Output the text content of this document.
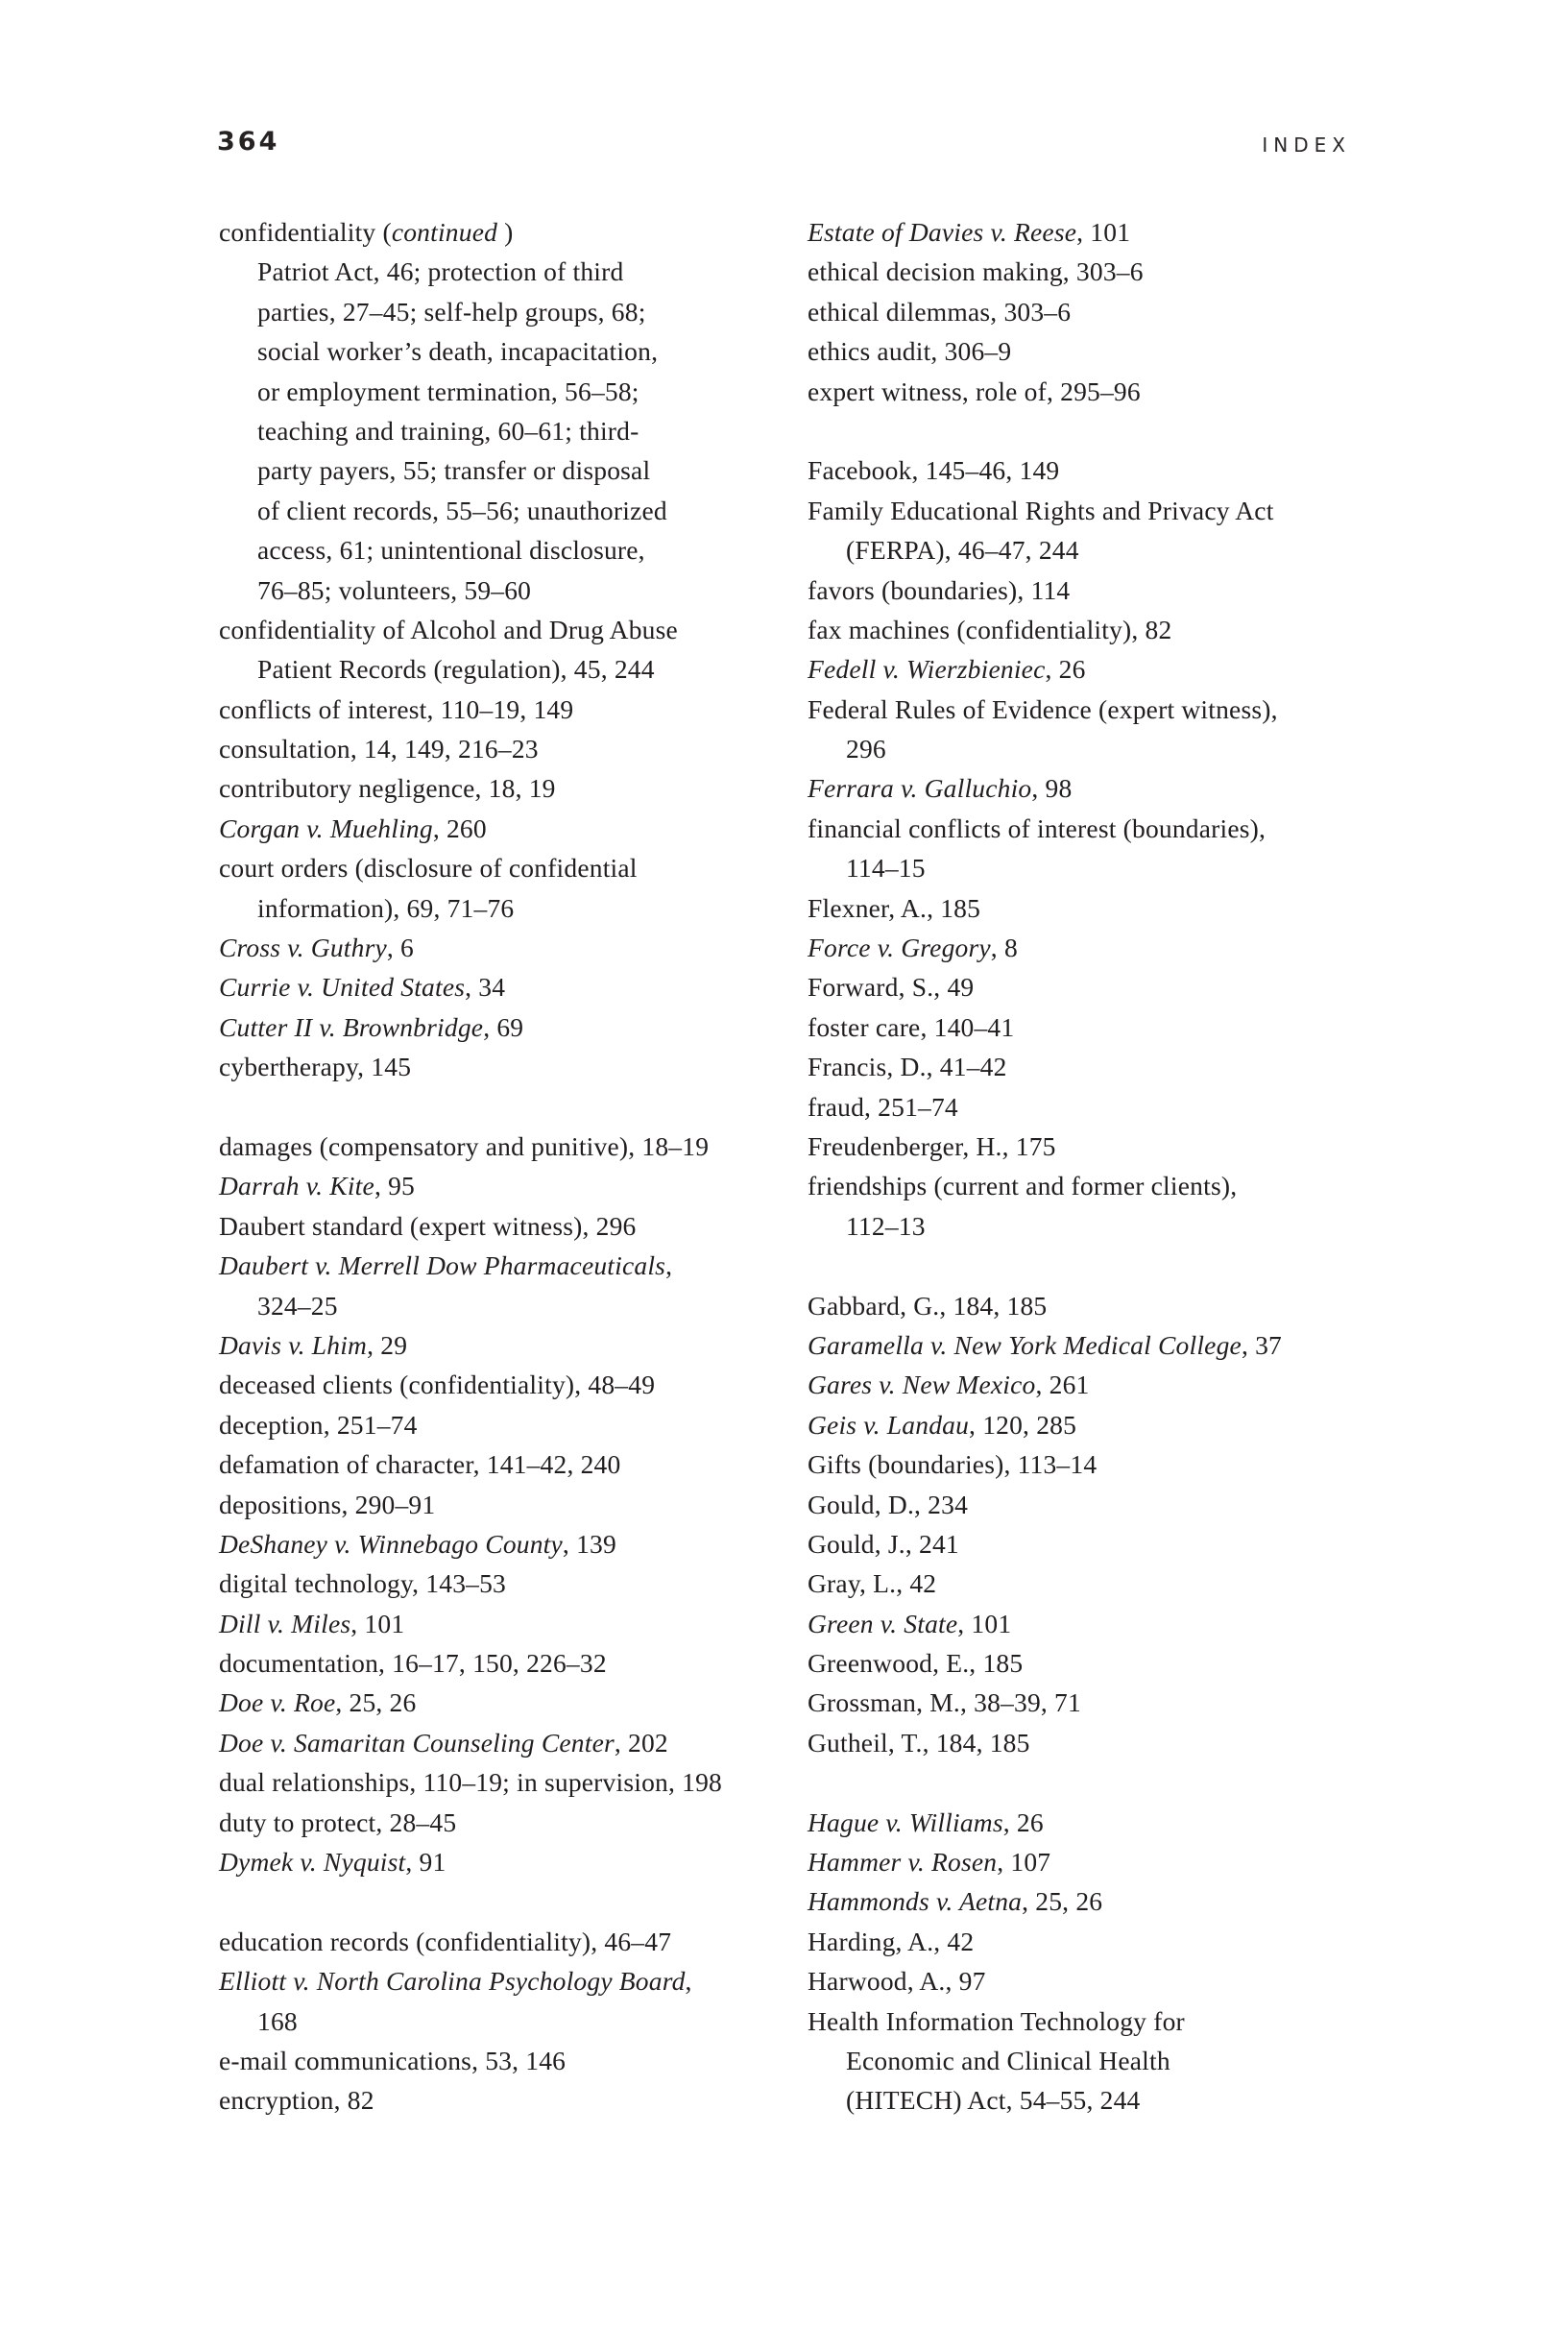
364	INDEX
confidentiality (continued )
Patriot Act, 46; protection of third
parties, 27–45; self-help groups, 68;
social worker’s death, incapacitation,
or employment termination, 56–58;
teaching and training, 60–61; third-
party payers, 55; transfer or disposal
of client records, 55–56; unauthorized
access, 61; unintentional disclosure,
76–85; volunteers, 59–60
confidentiality of Alcohol and Drug Abuse
Patient Records (regulation), 45, 244
conflicts of interest, 110–19, 149
consultation, 14, 149, 216–23
contributory negligence, 18, 19
Corgan v. Muehling, 260
court orders (disclosure of confidential
information), 69, 71–76
Cross v. Guthry, 6
Currie v. United States, 34
Cutter II v. Brownbridge, 69
cybertherapy, 145
damages (compensatory and punitive), 18–19
Darrah v. Kite, 95
Daubert standard (expert witness), 296
Daubert v. Merrell Dow Pharmaceuticals,
324–25
Davis v. Lhim, 29
deceased clients (confidentiality), 48–49
deception, 251–74
defamation of character, 141–42, 240
depositions, 290–91
DeShaney v. Winnebago County, 139
digital technology, 143–53
Dill v. Miles, 101
documentation, 16–17, 150, 226–32
Doe v. Roe, 25, 26
Doe v. Samaritan Counseling Center, 202
dual relationships, 110–19; in supervision, 198
duty to protect, 28–45
Dymek v. Nyquist, 91
education records (confidentiality), 46–47
Elliott v. North Carolina Psychology Board,
168
e-mail communications, 53, 146
encryption, 82
Estate of Davies v. Reese, 101
ethical decision making, 303–6
ethical dilemmas, 303–6
ethics audit, 306–9
expert witness, role of, 295–96
Facebook, 145–46, 149
Family Educational Rights and Privacy Act
(FERPA), 46–47, 244
favors (boundaries), 114
fax machines (confidentiality), 82
Fedell v. Wierzbieniec, 26
Federal Rules of Evidence (expert witness),
296
Ferrara v. Galluchio, 98
financial conflicts of interest (boundaries),
114–15
Flexner, A., 185
Force v. Gregory, 8
Forward, S., 49
foster care, 140–41
Francis, D., 41–42
fraud, 251–74
Freudenberger, H., 175
friendships (current and former clients),
112–13
Gabbard, G., 184, 185
Garamella v. New York Medical College, 37
Gares v. New Mexico, 261
Geis v. Landau, 120, 285
Gifts (boundaries), 113–14
Gould, D., 234
Gould, J., 241
Gray, L., 42
Green v. State, 101
Greenwood, E., 185
Grossman, M., 38–39, 71
Gutheil, T., 184, 185
Hague v. Williams, 26
Hammer v. Rosen, 107
Hammonds v. Aetna, 25, 26
Harding, A., 42
Harwood, A., 97
Health Information Technology for
Economic and Clinical Health
(HITECH) Act, 54–55, 244
